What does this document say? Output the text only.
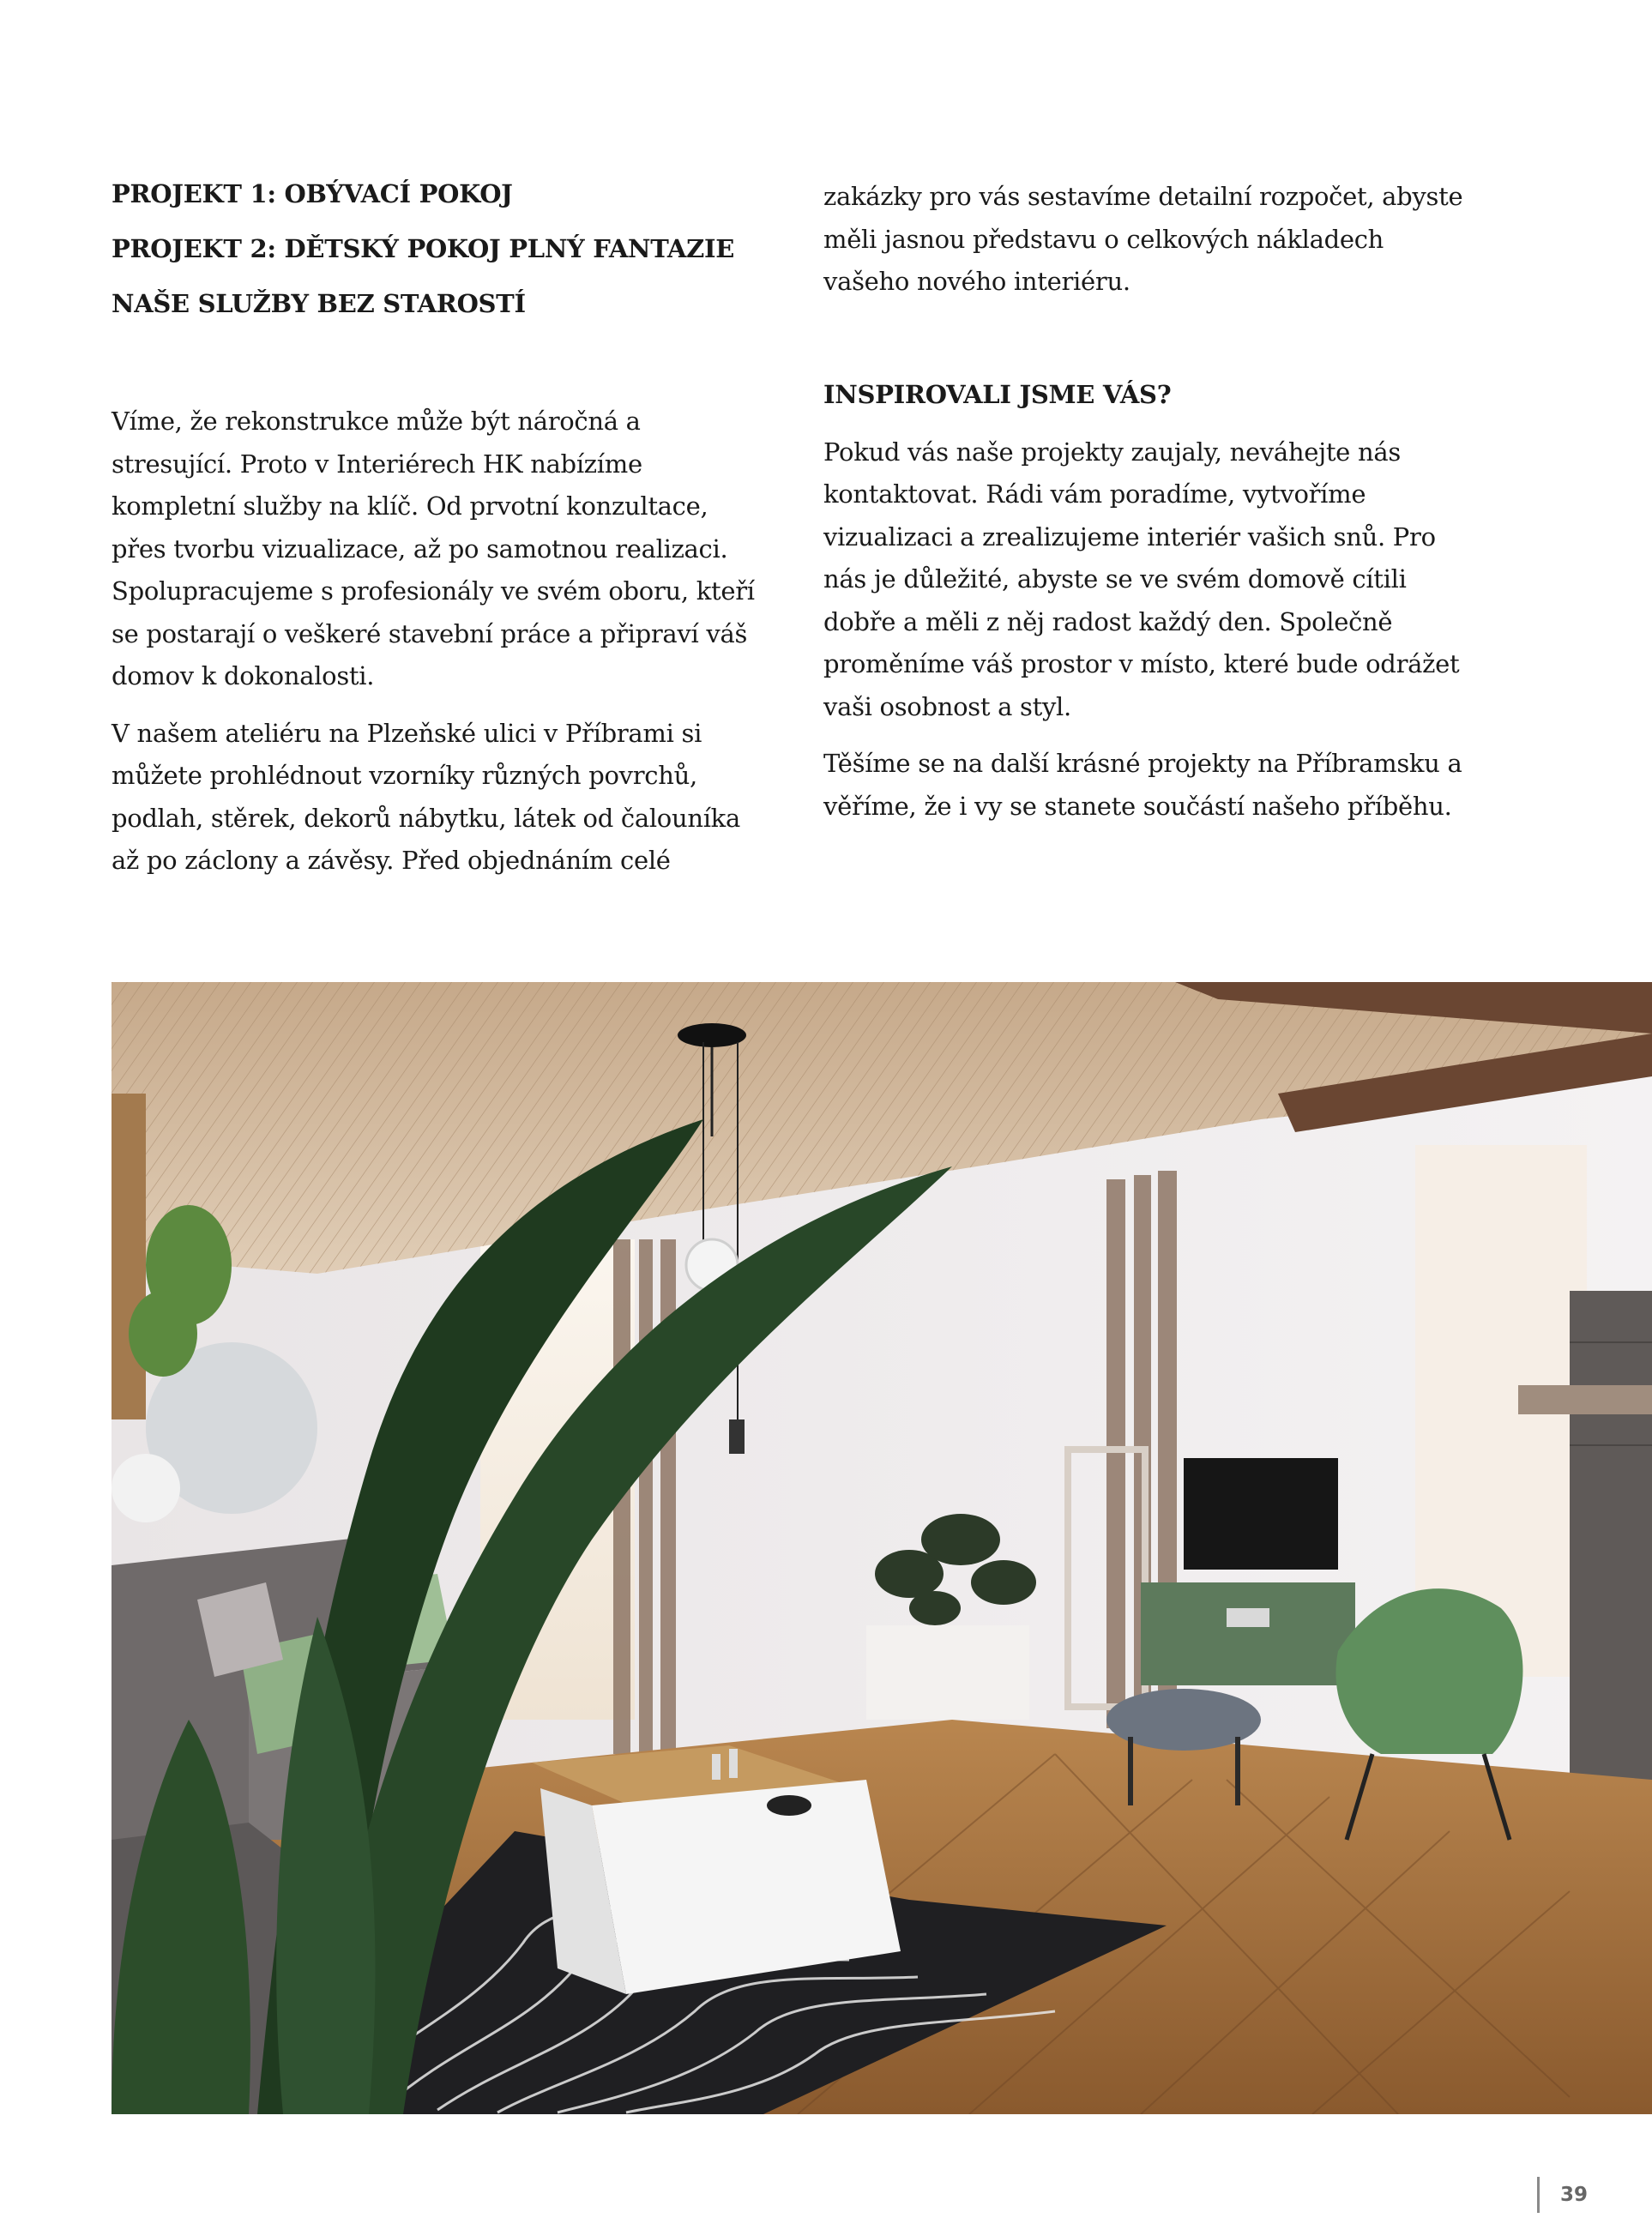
PROJEKT 1: OBÝVACÍ POKOJ

PROJEKT 2: DĚTSKÝ POKOJ PLNÝ FANTAZIE

NAŠE SLUŽBY BEZ STAROSTÍ

Víme, že rekonstrukce může být náročná a stresující. Proto v Interiérech HK nabízíme kompletní služby na klíč. Od prvotní konzultace, přes tvorbu vizualizace, až po samotnou realizaci. Spolupracujeme s profesionály ve svém oboru, kteří se postarají o veškeré stavební práce a připraví váš domov k dokonalosti.

V našem ateliéru na Plzeňské ulici v Příbrami si můžete prohlédnout vzorníky různých povrchů, podlah, stěrek, dekorů nábytku, látek od čalouníka až po záclony a závěsy. Před objednáním celé

zakázky pro vás sestavíme detailní rozpočet, abyste měli jasnou představu o celkových nákladech vašeho nového interiéru.

INSPIROVALI JSME VÁS?

Pokud vás naše projekty zaujaly, neváhejte nás kontaktovat. Rádi vám poradíme, vytvoříme vizualizaci a zrealizujeme interiér vašich snů. Pro nás je důležité, abyste se ve svém domově cítili dobře a měli z něj radost každý den. Společně proměníme váš prostor v místo, které bude odrážet vaši osobnost a styl.

Těšíme se na další krásné projekty na Příbramsku a věříme, že i vy se stanete součástí našeho příběhu.

39
